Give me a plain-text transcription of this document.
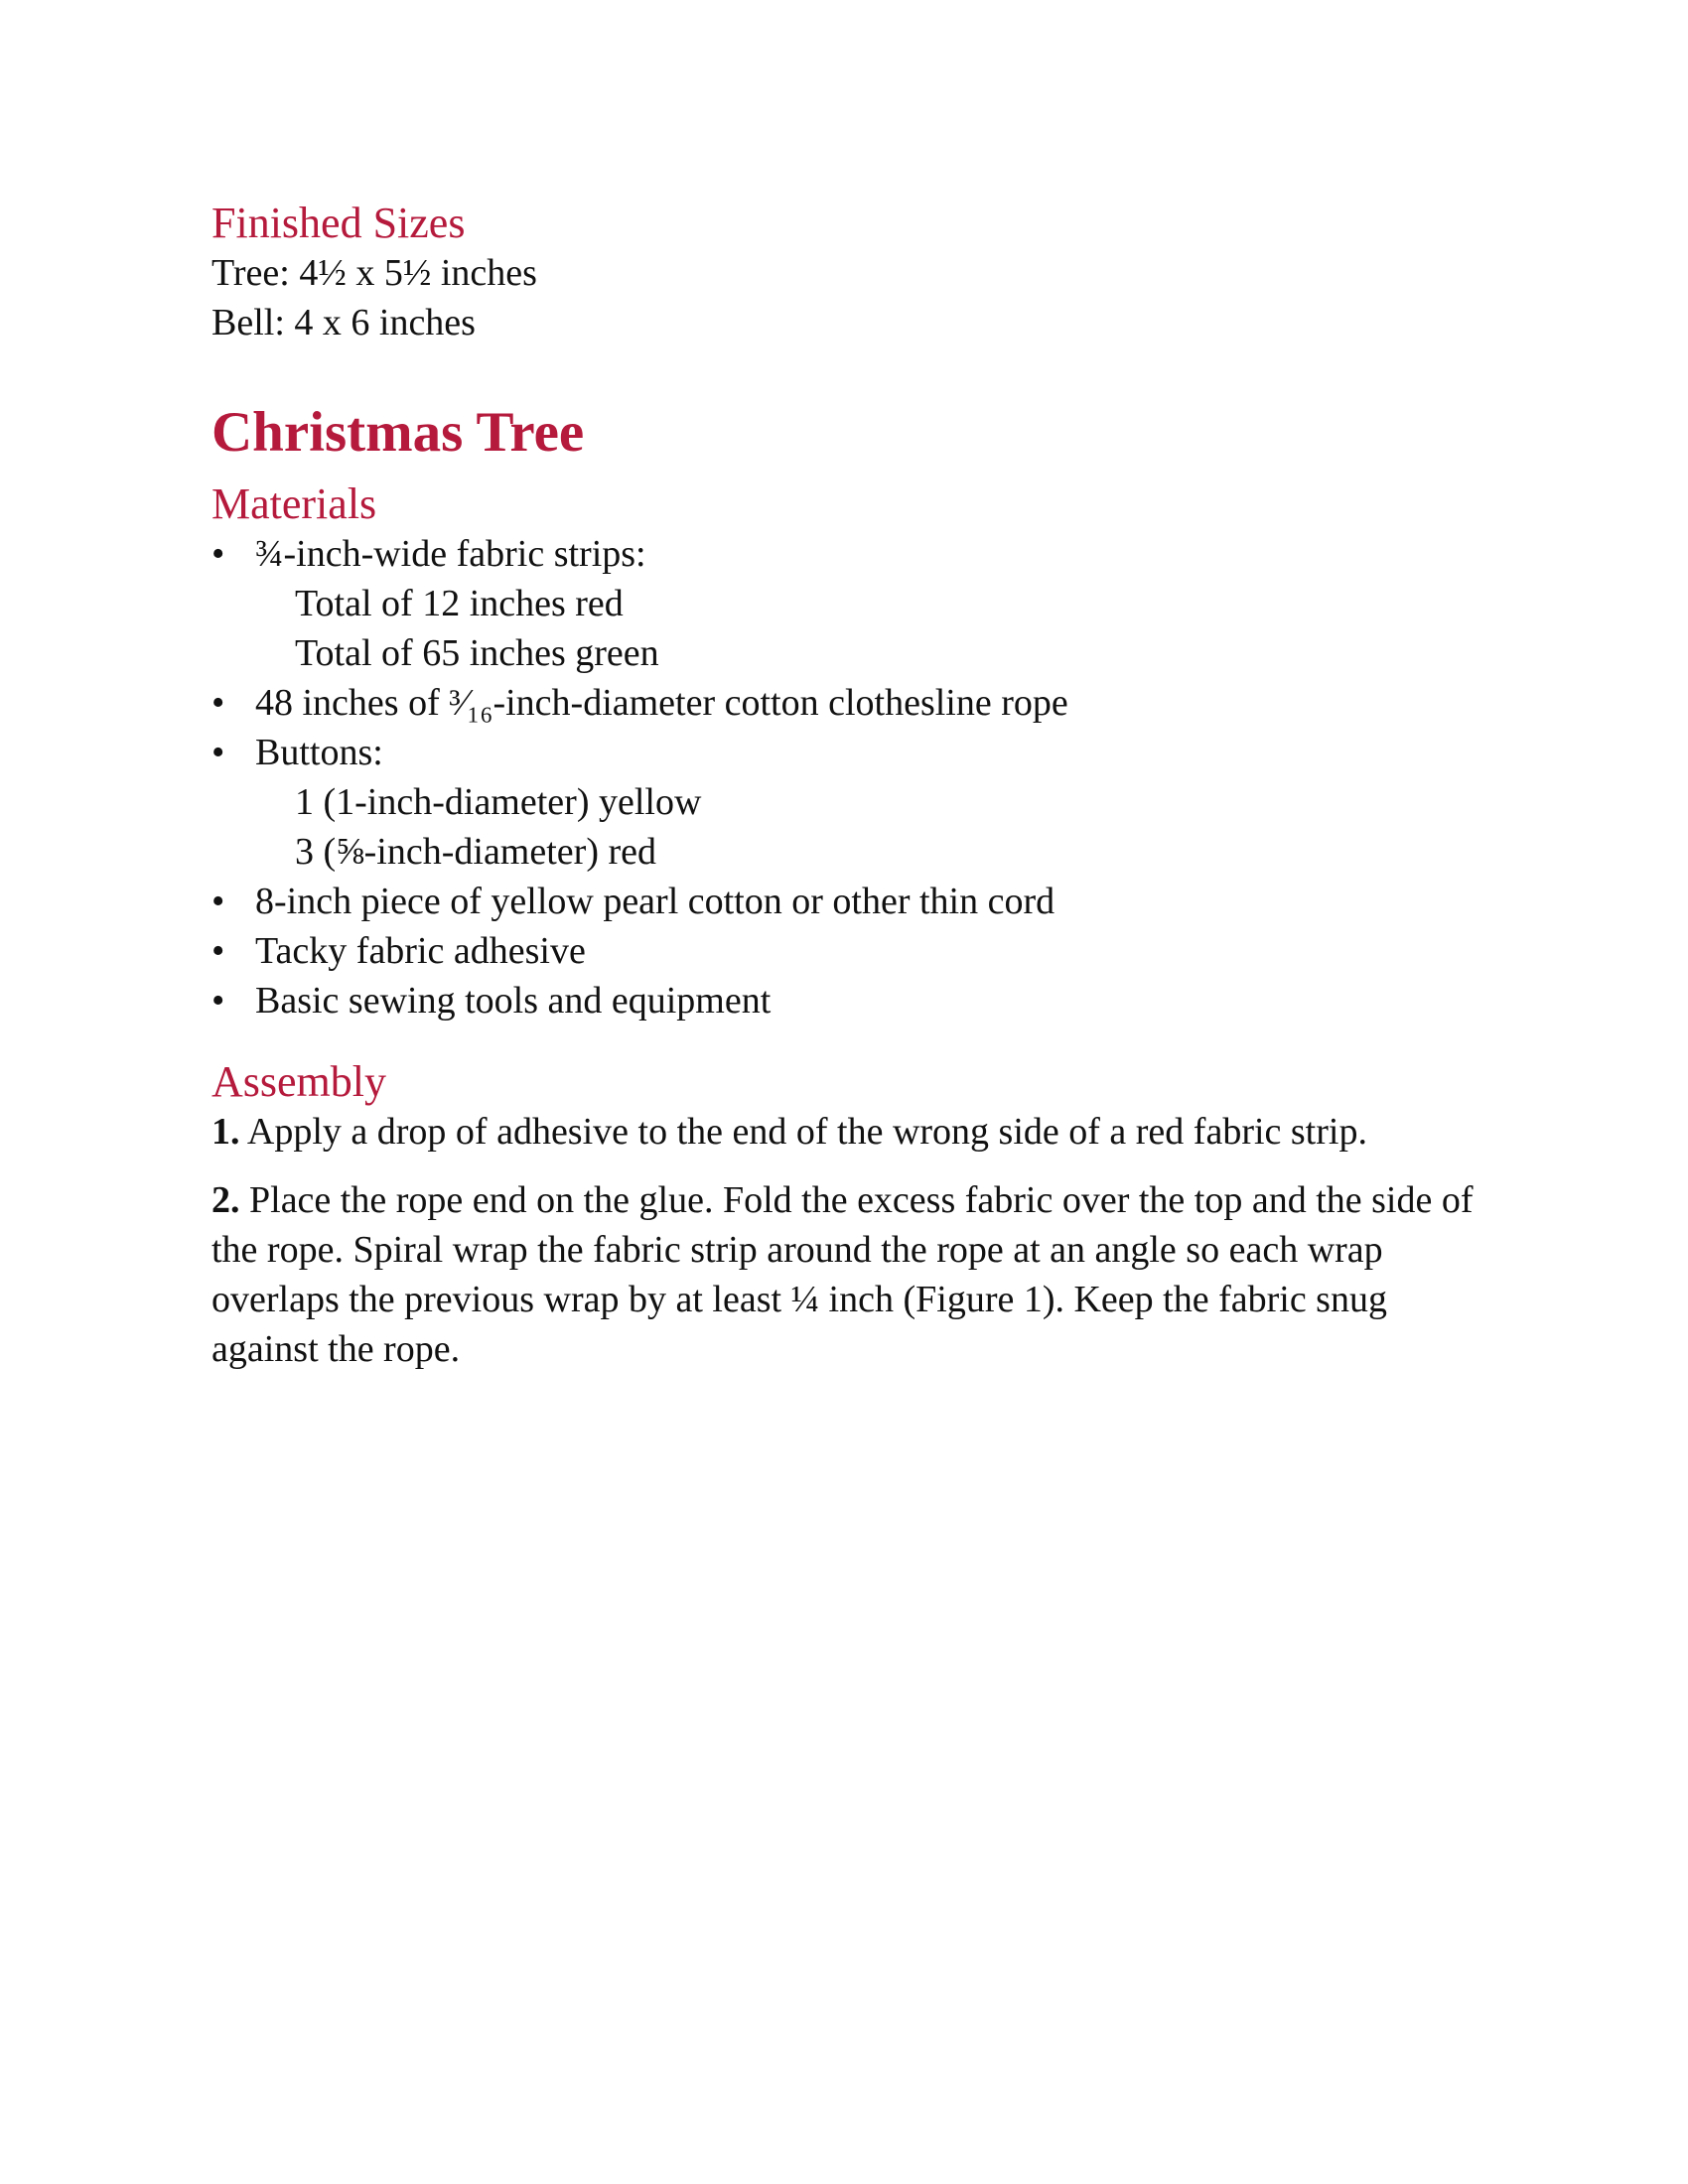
Finished Sizes

Tree: 4½ x 5½ inches

Bell: 4 x 6 inches

Christmas Tree
Materials
• ¾-inch-wide fabric strips:
Total of 12 inches red
Total of 65 inches green
• 48 inches of ³⁄₁₆-inch-diameter cotton clothesline rope
• Buttons:
1 (1-inch-diameter) yellow
3 (⅝-inch-diameter) red
• 8-inch piece of yellow pearl cotton or other thin cord
• Tacky fabric adhesive
• Basic sewing tools and equipment
Assembly

1. Apply a drop of adhesive to the end of the wrong side of a red fabric strip.

2. Place the rope end on the glue. Fold the excess fabric over the top and the side of the rope. Spiral wrap the fabric strip around the rope at an angle so each wrap overlaps the previous wrap by at least ¼ inch (Figure 1). Keep the fabric snug against the rope.
